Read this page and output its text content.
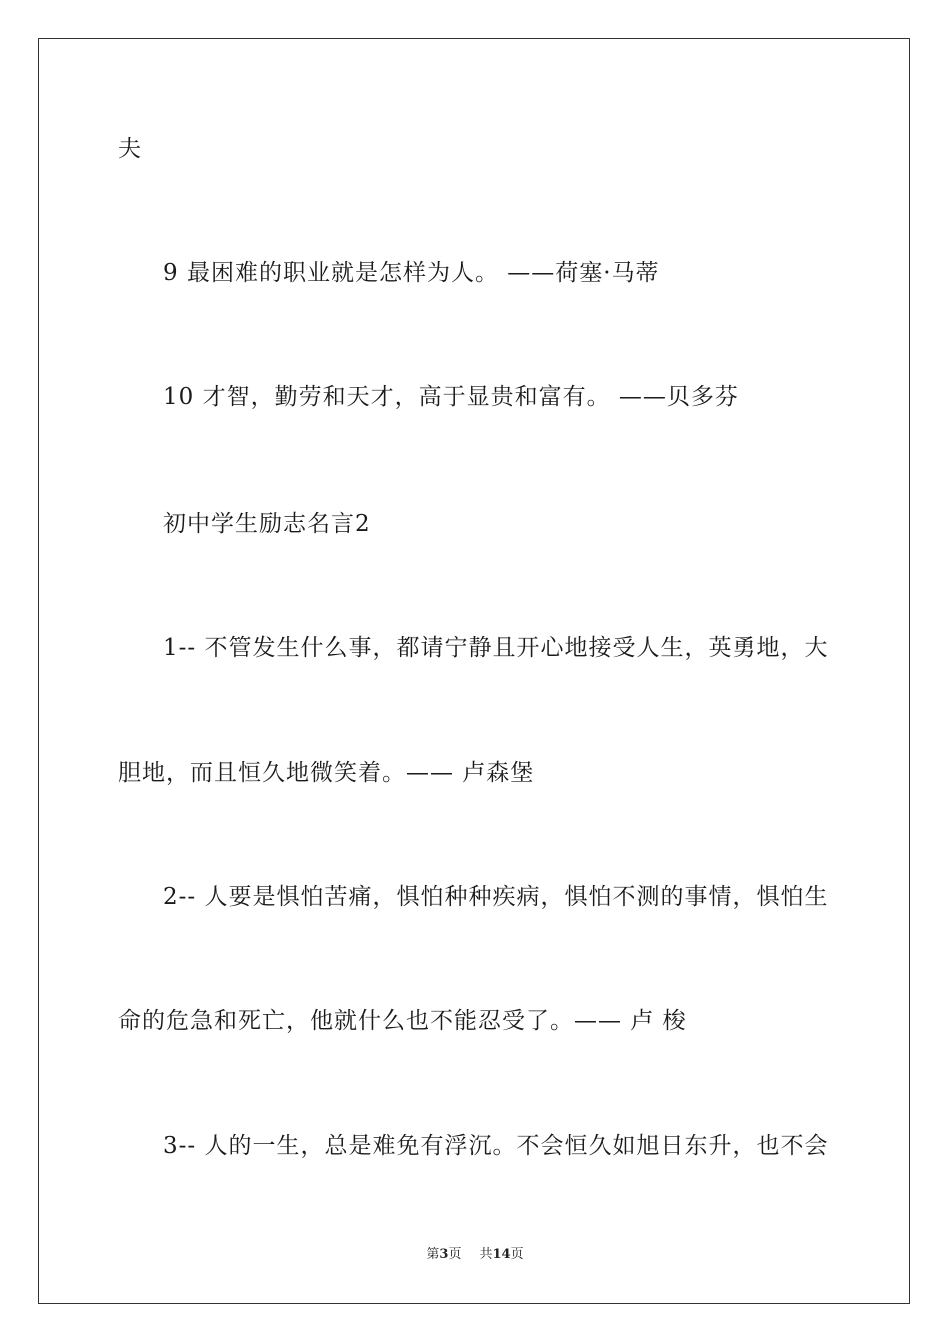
夫
9 最困难的职业就是怎样为人。 ——荷塞·马蒂
10 才智，勤劳和天才，高于显贵和富有。 ——贝多芬
初中学生励志名言2
1-- 不管发生什么事，都请宁静且开心地接受人生，英勇地，大
胆地，而且恒久地微笑着。—— 卢森堡
2-- 人要是惧怕苦痛，惧怕种种疾病，惧怕不测的事情，惧怕生
命的危急和死亡，他就什么也不能忍受了。—— 卢 梭
3-- 人的一生，总是难免有浮沉。不会恒久如旭日东升，也不会
第3页 共14页
